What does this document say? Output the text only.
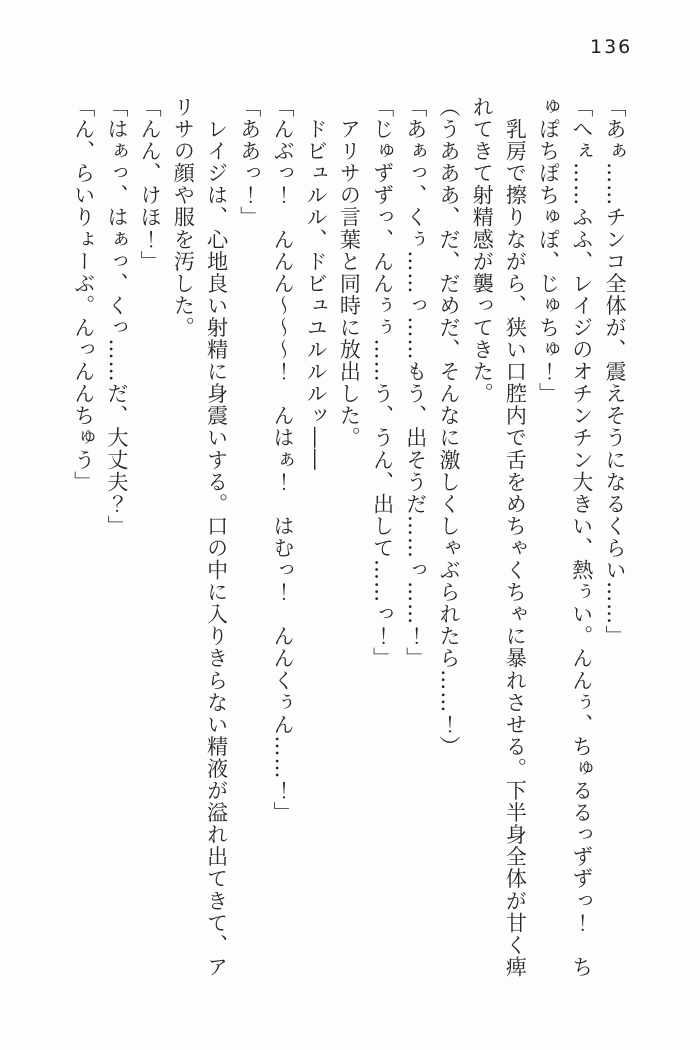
136

「あぁ……チンコ全体が、震えそうになるくらい……」

「へぇ……ふふ、レイジのオチンチン大きい、熱ぅい。んんぅ、ちゅるるっずずっ！　ち

ゅぽちぽちゅぽ、じゅちゅ！」

　乳房で擦りながら、狭い口腔内で舌をめちゃくちゃに暴れさせる。下半身全体が甘く痺

れてきて射精感が襲ってきた。

（うあああ、だ、だめだ、そんなに激しくしゃぶられたら……！）

「あぁっ、くぅ……っ……もう、出そうだ……っ……！」

「じゅずずっ、んんぅぅ……う、うん、出して……っ！」

　アリサの言葉と同時に放出した。

　ドビュルル、ドビュユルルルッ――

「んぶっ！　んんん～～～！　んはぁ！　はむっ！　んんくぅん……！」

「ああっ！」

　レイジは、心地良い射精に身震いする。口の中に入りきらない精液が溢れ出てきて、ア

リサの顔や服を汚した。

「んん、けほ！」

「はぁっ、はぁっ、くっ……だ、大丈夫？」

「ん、らいりょーぶ。んっんんちゅう」
